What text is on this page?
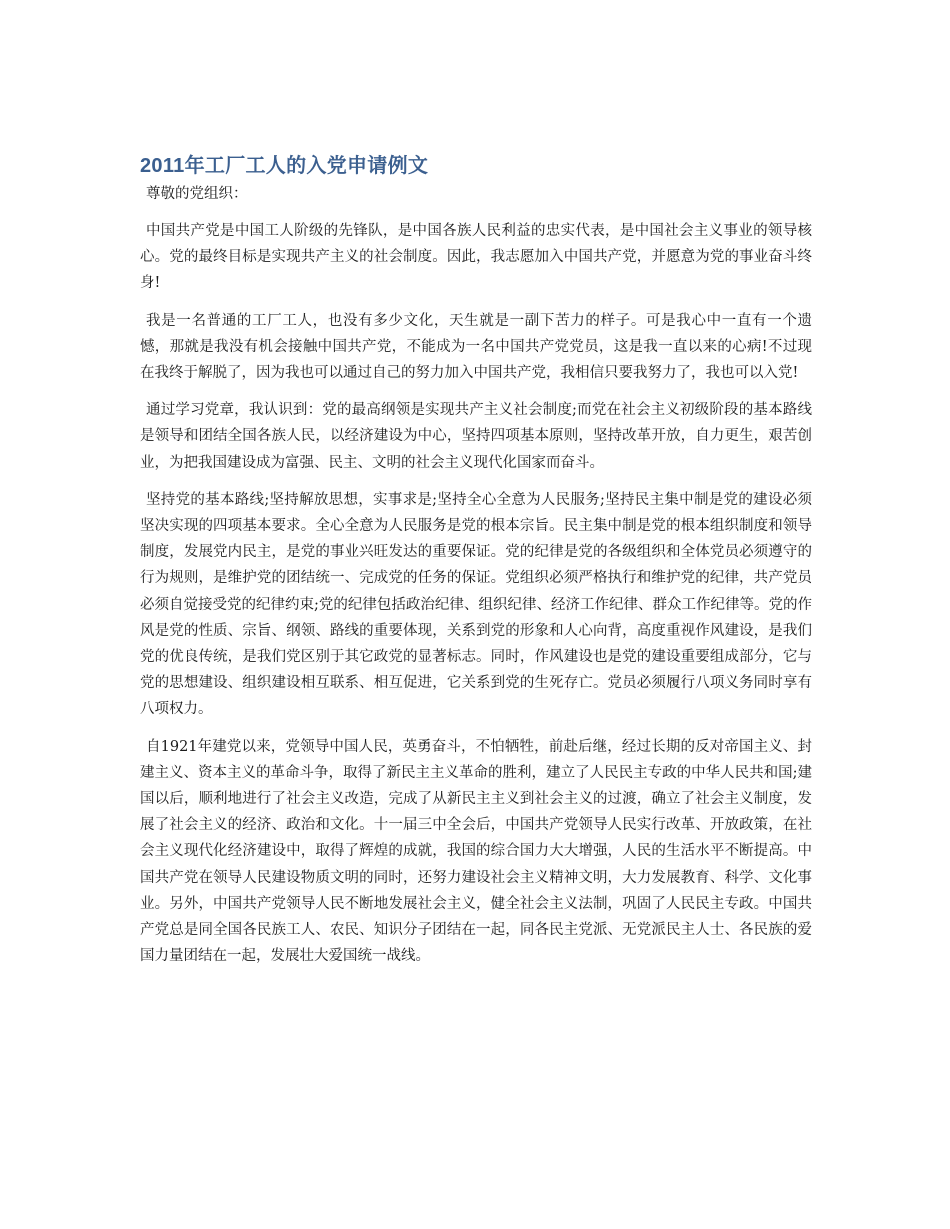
2011年工厂工人的入党申请例文

尊敬的党组织：

中国共产党是中国工人阶级的先锋队，是中国各族人民利益的忠实代表，是中国社会主义事业的领导核心。党的最终目标是实现共产主义的社会制度。因此，我志愿加入中国共产党，并愿意为党的事业奋斗终身!

我是一名普通的工厂工人，也没有多少文化，天生就是一副下苦力的样子。可是我心中一直有一个遗憾，那就是我没有机会接触中国共产党，不能成为一名中国共产党党员，这是我一直以来的心病!不过现在我终于解脱了，因为我也可以通过自己的努力加入中国共产党，我相信只要我努力了，我也可以入党!

通过学习党章，我认识到：党的最高纲领是实现共产主义社会制度;而党在社会主义初级阶段的基本路线是领导和团结全国各族人民，以经济建设为中心，坚持四项基本原则，坚持改革开放，自力更生，艰苦创业，为把我国建设成为富强、民主、文明的社会主义现代化国家而奋斗。

坚持党的基本路线;坚持解放思想，实事求是;坚持全心全意为人民服务;坚持民主集中制是党的建设必须坚决实现的四项基本要求。全心全意为人民服务是党的根本宗旨。民主集中制是党的根本组织制度和领导制度，发展党内民主，是党的事业兴旺发达的重要保证。党的纪律是党的各级组织和全体党员必须遵守的行为规则，是维护党的团结统一、完成党的任务的保证。党组织必须严格执行和维护党的纪律，共产党员必须自觉接受党的纪律约束;党的纪律包括政治纪律、组织纪律、经济工作纪律、群众工作纪律等。党的作风是党的性质、宗旨、纲领、路线的重要体现，关系到党的形象和人心向背，高度重视作风建设，是我们党的优良传统，是我们党区别于其它政党的显著标志。同时，作风建设也是党的建设重要组成部分，它与党的思想建设、组织建设相互联系、相互促进，它关系到党的生死存亡。党员必须履行八项义务同时享有八项权力。

自1921年建党以来，党领导中国人民，英勇奋斗，不怕牺牲，前赴后继，经过长期的反对帝国主义、封建主义、资本主义的革命斗争，取得了新民主主义革命的胜利，建立了人民民主专政的中华人民共和国;建国以后，顺利地进行了社会主义改造，完成了从新民主主义到社会主义的过渡，确立了社会主义制度，发展了社会主义的经济、政治和文化。十一届三中全会后，中国共产党领导人民实行改革、开放政策，在社会主义现代化经济建设中，取得了辉煌的成就，我国的综合国力大大增强，人民的生活水平不断提高。中国共产党在领导人民建设物质文明的同时，还努力建设社会主义精神文明，大力发展教育、科学、文化事业。另外，中国共产党领导人民不断地发展社会主义，健全社会主义法制，巩固了人民民主专政。中国共产党总是同全国各民族工人、农民、知识分子团结在一起，同各民主党派、无党派民主人士、各民族的爱国力量团结在一起，发展壮大爱国统一战线。
